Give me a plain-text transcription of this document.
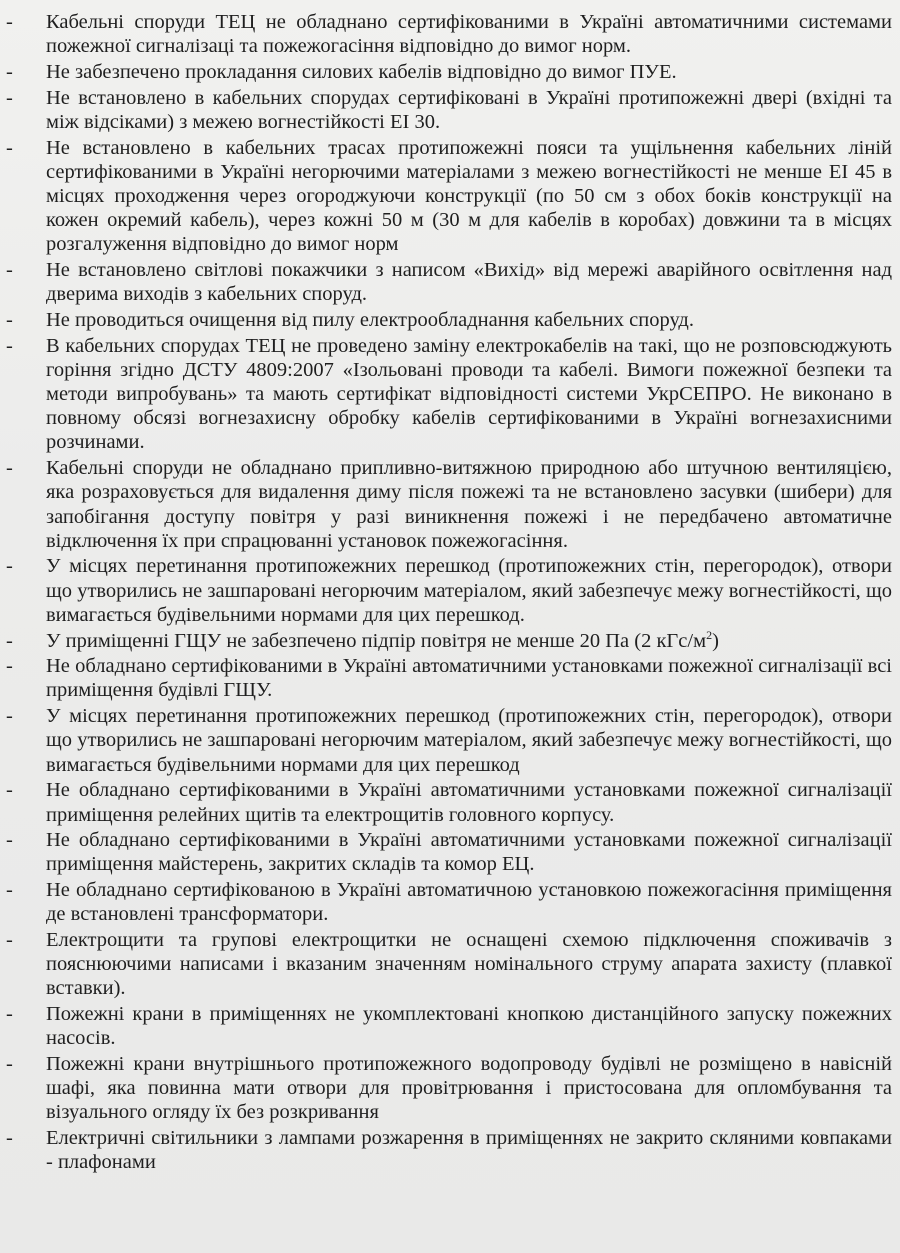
-	Кабельні споруди ТЕЦ не обладнано сертифікованими в Україні автоматичними системами пожежної сигналізаці та пожежогасіння відповідно до вимог норм.
-	Не забезпечено прокладання силових кабелів відповідно до вимог ПУЕ.
-	Не встановлено в кабельних спорудах сертифіковані в Україні протипожежні двері (вхідні та між відсіками) з межею вогнестійкості ЕІ 30.
-	Не встановлено в кабельних трасах протипожежні пояси та ущільнення кабельних ліній сертифікованими в Україні негорючими матеріалами з межею вогнестійкості не менше ЕІ 45 в місцях проходження через огороджуючи конструкції (по 50 см з обох боків конструкції на кожен окремий кабель), через кожні 50 м (30 м для кабелів в коробах) довжини та в місцях розгалуження відповідно до вимог норм
-	Не встановлено світлові покажчики з написом «Вихід» від мережі аварійного освітлення над дверима виходів з кабельних споруд.
-	Не проводиться очищення від пилу електрообладнання кабельних споруд.
-	В кабельних спорудах ТЕЦ не проведено заміну електрокабелів на такі, що не розповсюджують горіння згідно ДСТУ 4809:2007 «Ізольовані проводи та кабелі. Вимоги пожежної безпеки та методи випробувань» та мають сертифікат відповідності системи УкрСЕПРО. Не виконано в повному обсязі вогнезахисну обробку кабелів сертифікованими в Україні вогнезахисними розчинами.
-	Кабельні споруди не обладнано припливно-витяжною природною або штучною вентиляцією, яка розраховується для видалення диму після пожежі та не встановлено засувки (шибери) для запобігання доступу повітря у разі виникнення пожежі і не передбачено автоматичне відключення їх при спрацюванні установок пожежогасіння.
-	У місцях перетинання протипожежних перешкод (протипожежних стін, перегородок), отвори що утворились не зашпаровані негорючим матеріалом, який забезпечує межу вогнестійкості, що вимагається будівельними нормами для цих перешкод.
-	У приміщенні ГЩУ не забезпечено підпір повітря не менше 20 Па (2 кГс/$м^2$)
-	Не обладнано сертифікованими в Україні автоматичними установками пожежної сигналізації всі приміщення будівлі ГЩУ.
-	У місцях перетинання протипожежних перешкод (протипожежних стін, перегородок), отвори що утворились не зашпаровані негорючим матеріалом, який забезпечує межу вогнестійкості, що вимагається будівельними нормами для цих перешкод
-	Не обладнано сертифікованими в Україні автоматичними установками пожежної сигналізації приміщення релейних щитів та електрощитів головного корпусу.
-	Не обладнано сертифікованими в Україні автоматичними установками пожежної сигналізації приміщення майстерень, закритих складів та комор ЕЦ.
-	Не обладнано сертифікованою в Україні автоматичною установкою пожежогасіння приміщення де встановлені трансформатори.
-	Електрощити та групові електрощитки не оснащені схемою підключення споживачів з пояснюючими написами і вказаним значенням номінального струму апарата захисту (плавкої вставки).
-	Пожежні крани в приміщеннях не укомплектовані кнопкою дистанційного запуску пожежних насосів.
-	Пожежні крани внутрішнього протипожежного водопроводу будівлі не розміщено в навісній шафі, яка повинна мати отвори для провітрювання і пристосована для опломбування та візуального огляду їх без розкривання
-	Електричні світильники з лампами розжарення в приміщеннях не закрито скляними ковпаками - плафонами
